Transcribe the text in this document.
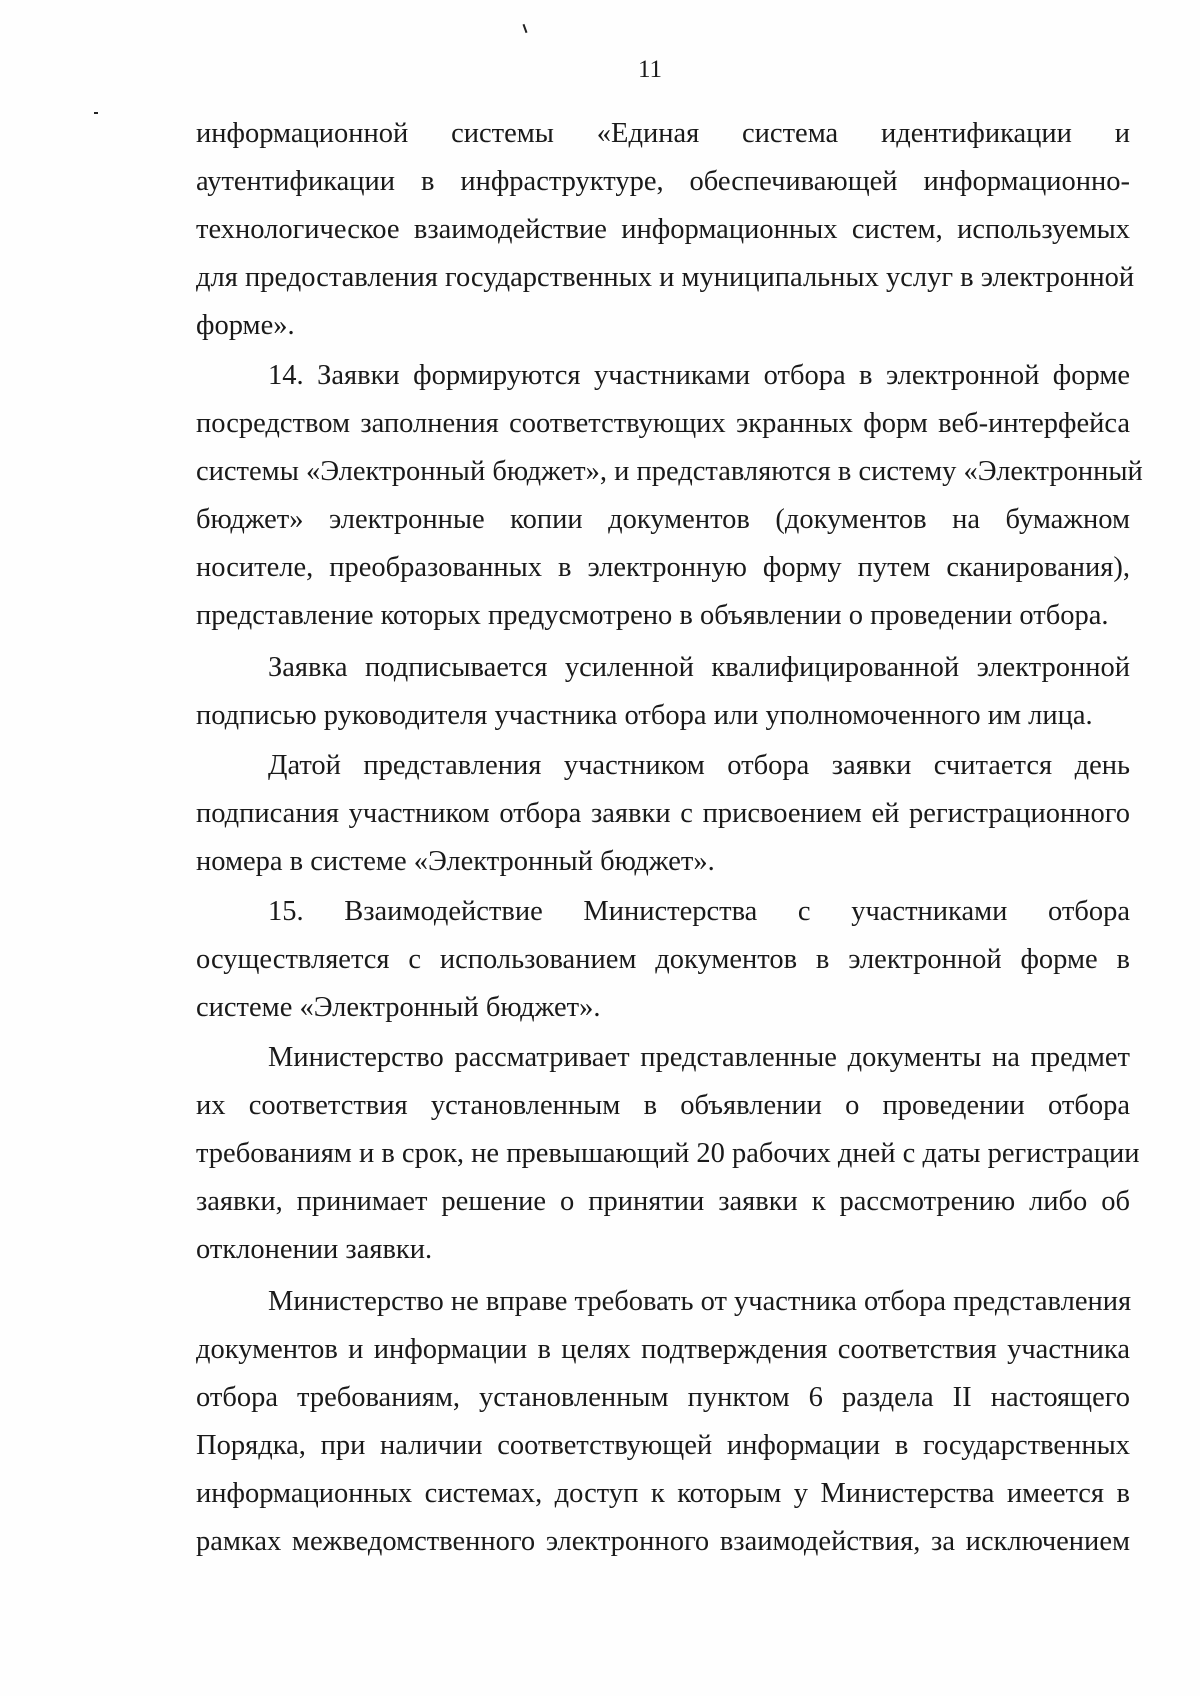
11
информационной системы «Единая система идентификации и
аутентификации в инфраструктуре, обеспечивающей информационно-
технологическое взаимодействие информационных систем, используемых
для предоставления государственных и муниципальных услуг в электронной
форме».
14. Заявки формируются участниками отбора в электронной форме
посредством заполнения соответствующих экранных форм веб-интерфейса
системы «Электронный бюджет», и представляются в систему «Электронный
бюджет» электронные копии документов (документов на бумажном
носителе, преобразованных в электронную форму путем сканирования),
представление которых предусмотрено в объявлении о проведении отбора.
Заявка подписывается усиленной квалифицированной электронной
подписью руководителя участника отбора или уполномоченного им лица.
Датой представления участником отбора заявки считается день
подписания участником отбора заявки с присвоением ей регистрационного
номера в системе «Электронный бюджет».
15. Взаимодействие Министерства с участниками отбора
осуществляется с использованием документов в электронной форме в
системе «Электронный бюджет».
Министерство рассматривает представленные документы на предмет
их соответствия установленным в объявлении о проведении отбора
требованиям и в срок, не превышающий 20 рабочих дней с даты регистрации
заявки, принимает решение о принятии заявки к рассмотрению либо об
отклонении заявки.
Министерство не вправе требовать от участника отбора представления
документов и информации в целях подтверждения соответствия участника
отбора требованиям, установленным пунктом 6 раздела II настоящего
Порядка, при наличии соответствующей информации в государственных
информационных системах, доступ к которым у Министерства имеется в
рамках межведомственного электронного взаимодействия, за исключением
